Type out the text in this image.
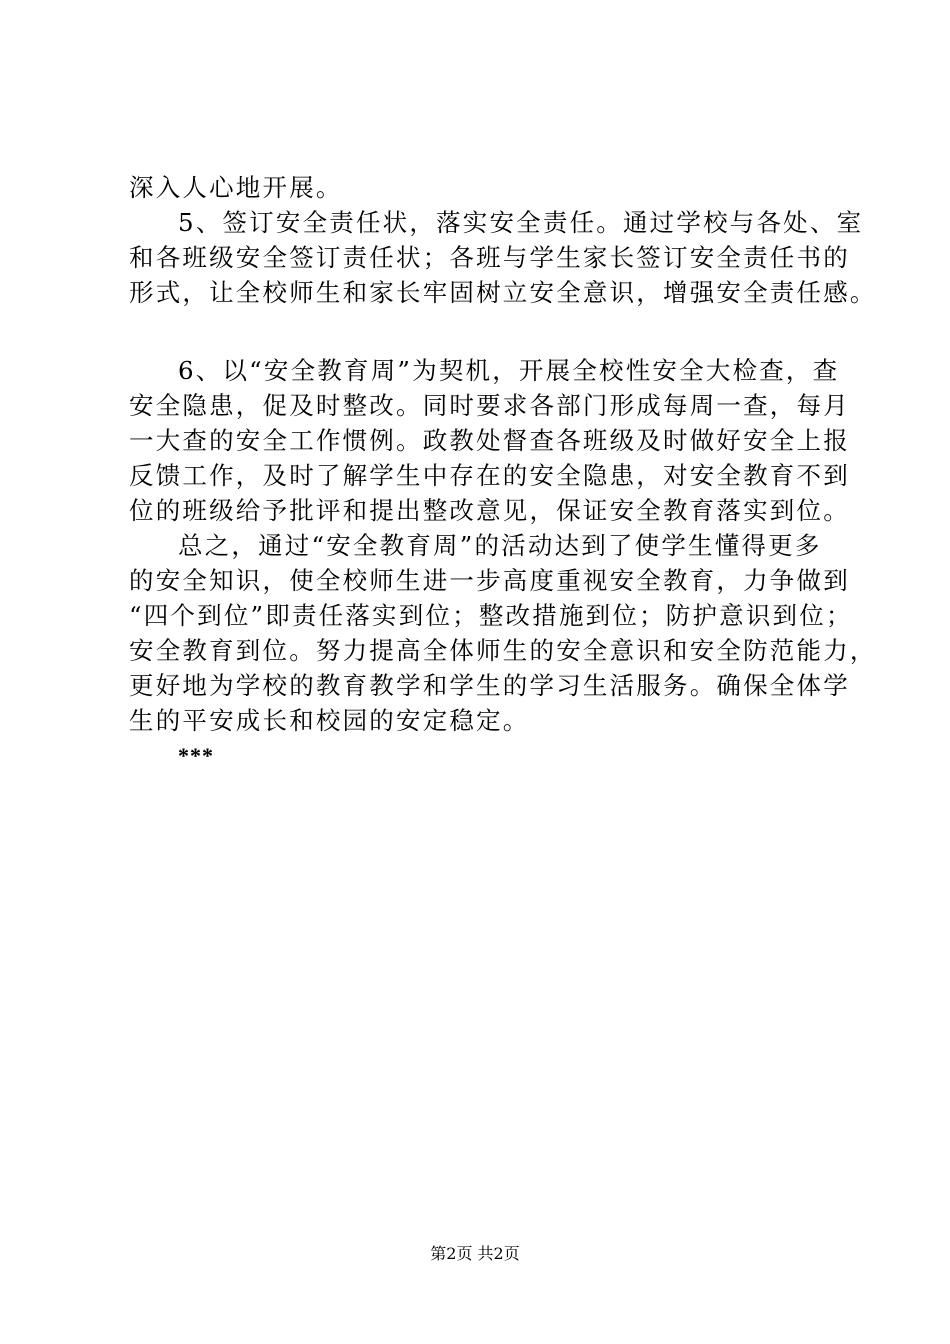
深入人心地开展。
5、签订安全责任状，落实安全责任。通过学校与各处、室
和各班级安全签订责任状；各班与学生家长签订安全责任书的
形式，让全校师生和家长牢固树立安全意识，增强安全责任感。
6、以“安全教育周”为契机，开展全校性安全大检查，查
安全隐患，促及时整改。同时要求各部门形成每周一查，每月
一大查的安全工作惯例。政教处督查各班级及时做好安全上报
反馈工作，及时了解学生中存在的安全隐患，对安全教育不到
位的班级给予批评和提出整改意见，保证安全教育落实到位。
总之，通过“安全教育周”的活动达到了使学生懂得更多
的安全知识，使全校师生进一步高度重视安全教育，力争做到
“四个到位”即责任落实到位；整改措施到位；防护意识到位；
安全教育到位。努力提高全体师生的安全意识和安全防范能力，
更好地为学校的教育教学和学生的学习生活服务。确保全体学
生的平安成长和校园的安定稳定。
***
第2页 共2页
